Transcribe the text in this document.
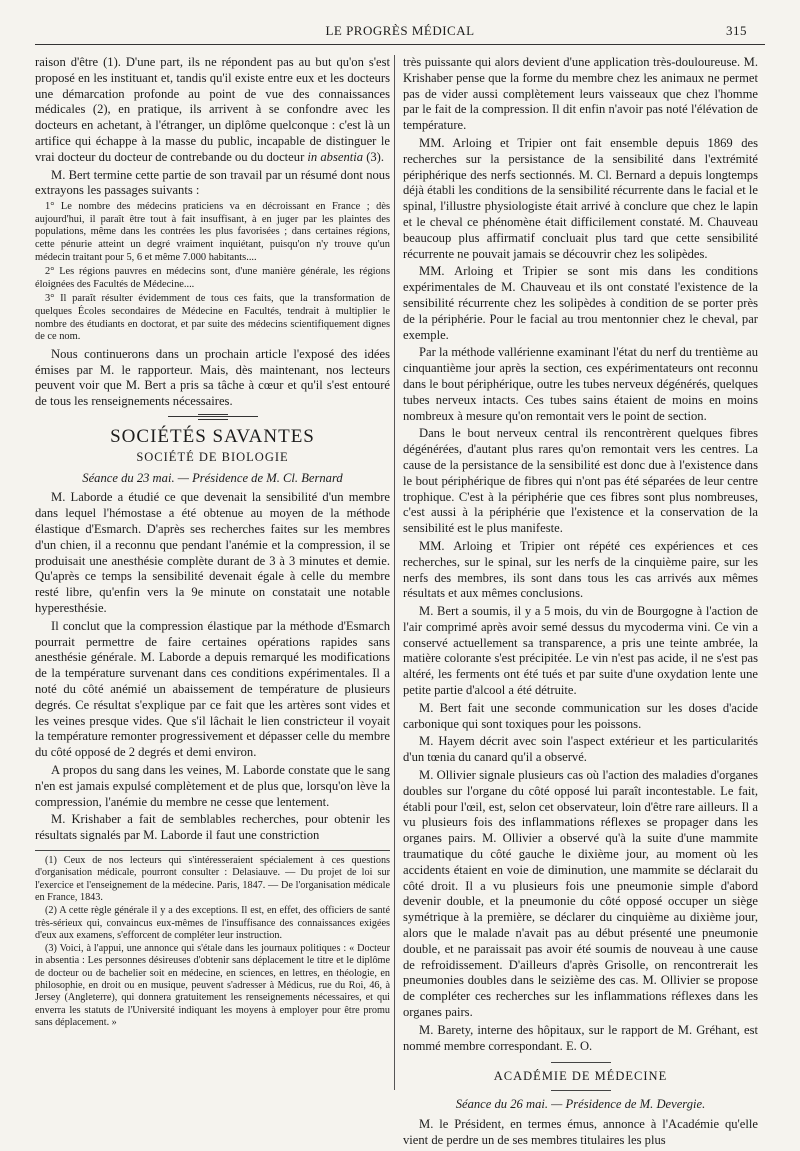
LE PROGRÈS MÉDICAL	315

raison d'être (1). D'une part, ils ne répondent pas au but qu'on s'est proposé en les instituant et, tandis qu'il existe entre eux et les docteurs une démarcation profonde au point de vue des connaissances médicales (2), en pratique, ils arrivent à se confondre avec les docteurs en achetant, à l'étranger, un diplôme quelconque : c'est là un artifice qui échappe à la masse du public, incapable de distinguer le vrai docteur du docteur de contrebande ou du docteur in absentia (3).

M. Bert termine cette partie de son travail par un résumé dont nous extrayons les passages suivants :

1° Le nombre des médecins praticiens va en décroissant en France ; dès aujourd'hui, il paraît être tout à fait insuffisant, à en juger par les plaintes des populations, même dans les contrées les plus favorisées ; dans certaines régions, cette pénurie atteint un degré vraiment inquiétant, puisqu'on n'y trouve qu'un médecin traitant pour 5, 6 et même 7.000 habitants....

2° Les régions pauvres en médecins sont, d'une manière générale, les régions éloignées des Facultés de Médecine....

3° Il paraît résulter évidemment de tous ces faits, que la transformation de quelques Écoles secondaires de Médecine en Facultés, tendrait à multiplier le nombre des étudiants en doctorat, et par suite des médecins scientifiquement dignes de ce nom.

Nous continuerons dans un prochain article l'exposé des idées émises par M. le rapporteur. Mais, dès maintenant, nos lecteurs peuvent voir que M. Bert a pris sa tâche à cœur et qu'il s'est entouré de tous les renseignements nécessaires.

SOCIÉTÉS SAVANTES
SOCIÉTÉ DE BIOLOGIE
Séance du 23 mai. — Présidence de M. Cl. Bernard

M. Laborde a étudié ce que devenait la sensibilité d'un membre dans lequel l'hémostase a été obtenue au moyen de la méthode élastique d'Esmarch. D'après ses recherches faites sur les membres d'un chien, il a reconnu que pendant l'anémie et la compression, il se produisait une anesthésie complète durant de 3 à 3 minutes et demie. Qu'après ce temps la sensibilité devenait égale à celle du membre resté libre, qu'enfin vers la 9e minute on constatait une notable hyperesthésie.

Il conclut que la compression élastique par la méthode d'Esmarch pourrait permettre de faire certaines opérations rapides sans anesthésie générale. M. Laborde a depuis remarqué les modifications de la température survenant dans ces conditions expérimentales. Il a noté du côté anémié un abaissement de température de plusieurs degrés. Ce résultat s'explique par ce fait que les artères sont vides et les veines presque vides. Que s'il lâchait le lien constricteur il voyait la température remonter progressivement et dépasser celle du membre du côté opposé de 2 degrés et demi environ.

A propos du sang dans les veines, M. Laborde constate que le sang n'en est jamais expulsé complètement et de plus que, lorsqu'on lève la compression, l'anémie du membre ne cesse que lentement.

M. Krishaber a fait de semblables recherches, pour obtenir les résultats signalés par M. Laborde il faut une constriction

(1) Ceux de nos lecteurs qui s'intéresseraient spécialement à ces questions d'organisation médicale, pourront consulter : Delasiauve. — Du projet de loi sur l'exercice et l'enseignement de la médecine. Paris, 1847. — De l'organisation médicale en France, 1843.

(2) A cette règle générale il y a des exceptions. Il est, en effet, des officiers de santé très-sérieux qui, convaincus eux-mêmes de l'insuffisance des connaissances exigées d'eux aux examens, s'efforcent de compléter leur instruction.

(3) Voici, à l'appui, une annonce qui s'étale dans les journaux politiques : « Docteur in absentia : Les personnes désireuses d'obtenir sans déplacement le titre et le diplôme de docteur ou de bachelier soit en médecine, en sciences, en lettres, en théologie, en philosophie, en droit ou en musique, peuvent s'adresser à Médicus, rue du Roi, 46, à Jersey (Angleterre), qui donnera gratuitement les renseignements nécessaires, et qui enverra les statuts de l'Université indiquant les moyens à employer pour être promu sans déplacement. »

très puissante qui alors devient d'une application très-douloureuse. M. Krishaber pense que la forme du membre chez les animaux ne permet pas de vider aussi complètement leurs vaisseaux que chez l'homme par le fait de la compression. Il dit enfin n'avoir pas noté l'élévation de température.

MM. Arloing et Tripier ont fait ensemble depuis 1869 des recherches sur la persistance de la sensibilité dans l'extrémité périphérique des nerfs sectionnés. M. Cl. Bernard a depuis longtemps déjà établi les conditions de la sensibilité récurrente dans le facial et le spinal, l'illustre physiologiste était arrivé à conclure que chez le lapin et le cheval ce phénomène était difficilement constaté. M. Chauveau beaucoup plus affirmatif concluait plus tard que cette sensibilité récurrente ne pouvait jamais se découvrir chez les solipèdes.

MM. Arloing et Tripier se sont mis dans les conditions expérimentales de M. Chauveau et ils ont constaté l'existence de la sensibilité récurrente chez les solipèdes à condition de se porter près de la périphérie. Pour le facial au trou mentonnier chez le cheval, par exemple.

Par la méthode vallérienne examinant l'état du nerf du trentième au cinquantième jour après la section, ces expérimentateurs ont reconnu dans le bout périphérique, outre les tubes nerveux dégénérés, quelques tubes nerveux intacts. Ces tubes sains étaient de moins en moins nombreux à mesure qu'on remontait vers le point de section.

Dans le bout nerveux central ils rencontrèrent quelques fibres dégénérées, d'autant plus rares qu'on remontait vers les centres. La cause de la persistance de la sensibilité est donc due à l'existence dans le bout périphérique de fibres qui n'ont pas été séparées de leur centre trophique. C'est à la périphérie que ces fibres sont plus nombreuses, c'est aussi à la périphérie que l'existence et la conservation de la sensibilité est le plus manifeste.

MM. Arloing et Tripier ont répété ces expériences et ces recherches, sur le spinal, sur les nerfs de la cinquième paire, sur les nerfs des membres, ils sont dans tous les cas arrivés aux mêmes résultats et aux mêmes conclusions.

M. Bert a soumis, il y a 5 mois, du vin de Bourgogne à l'action de l'air comprimé après avoir semé dessus du mycoderma vini. Ce vin a conservé actuellement sa transparence, a pris une teinte ambrée, la matière colorante s'est précipitée. Le vin n'est pas acide, il ne s'est pas altéré, les ferments ont été tués et par suite d'une oxydation lente une petite partie d'alcool a été détruite.

M. Bert fait une seconde communication sur les doses d'acide carbonique qui sont toxiques pour les poissons.

M. Hayem décrit avec soin l'aspect extérieur et les particularités d'un tœnia du canard qu'il a observé.

M. Ollivier signale plusieurs cas où l'action des maladies d'organes doubles sur l'organe du côté opposé lui paraît incontestable. Le fait, établi pour l'œil, est, selon cet observateur, loin d'être rare ailleurs. Il a vu plusieurs fois des inflammations réflexes se propager dans les organes pairs. M. Ollivier a observé qu'à la suite d'une mammite traumatique du côté gauche le dixième jour, au moment où les accidents étaient en voie de diminution, une mammite se déclarait du côté droit. Il a vu plusieurs fois une pneumonie simple d'abord devenir double, et la pneumonie du côté opposé occuper un siège symétrique à la première, se déclarer du cinquième au dixième jour, alors que le malade n'avait pas au début présenté une pneumonie double, et ne paraissait pas avoir été soumis de nouveau à une cause de refroidissement. D'ailleurs d'après Grisolle, on rencontrerait les pneumonies doubles dans le seizième des cas. M. Ollivier se propose de compléter ces recherches sur les inflammations réflexes dans les organes pairs.

M. Barety, interne des hôpitaux, sur le rapport de M. Gréhant, est nommé membre correspondant. E. O.

ACADÉMIE DE MÉDECINE
Séance du 26 mai. — Présidence de M. Devergie.

M. le Président, en termes émus, annonce à l'Académie qu'elle vient de perdre un de ses membres titulaires les plus
